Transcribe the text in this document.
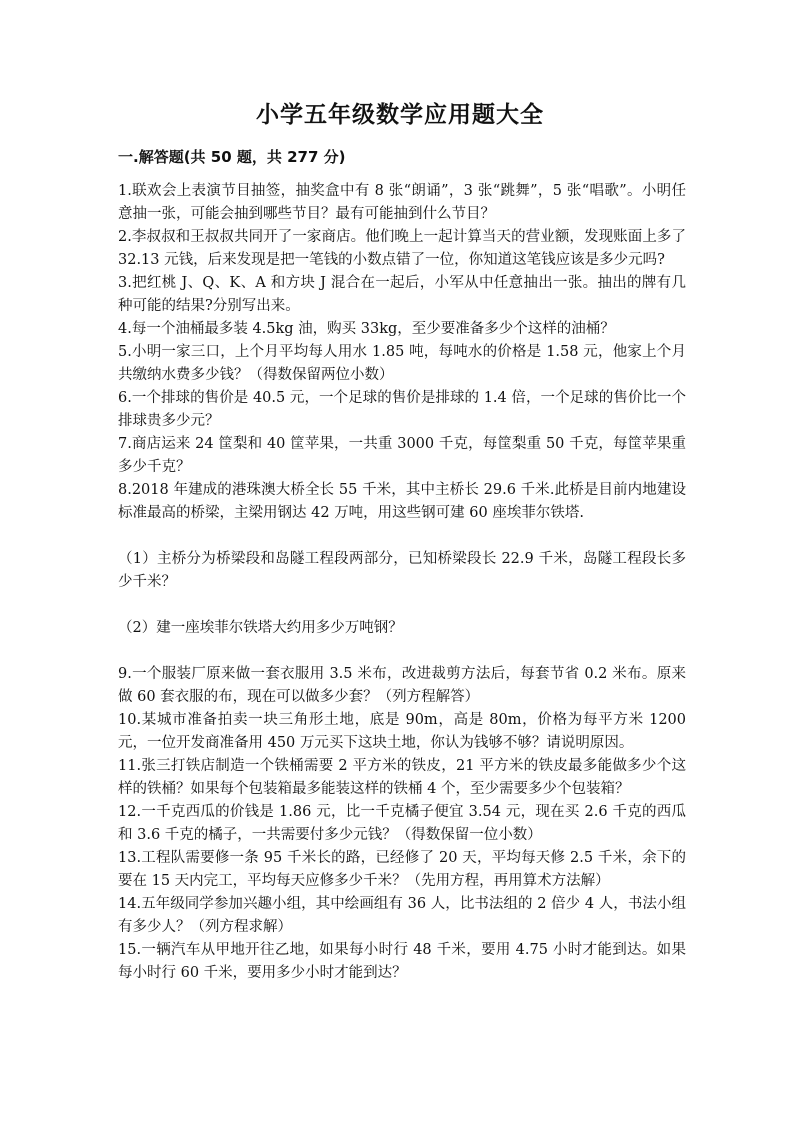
小学五年级数学应用题大全
一.解答题(共 50 题，共 277 分)

1.联欢会上表演节目抽签，抽奖盒中有 8 张“朗诵”，3 张“跳舞”，5 张“唱歌”。小明任意抽一张，可能会抽到哪些节目？最有可能抽到什么节目？

2.李叔叔和王叔叔共同开了一家商店。他们晚上一起计算当天的营业额，发现账面上多了 32.13 元钱，后来发现是把一笔钱的小数点错了一位，你知道这笔钱应该是多少元吗?

3.把红桃 J、Q、K、A 和方块 J 混合在一起后，小军从中任意抽出一张。抽出的牌有几种可能的结果?分别写出来。

4.每一个油桶最多装 4.5kg 油，购买 33kg，至少要准备多少个这样的油桶？

5.小明一家三口，上个月平均每人用水 1.85 吨，每吨水的价格是 1.58 元，他家上个月共缴纳水费多少钱？（得数保留两位小数）

6.一个排球的售价是 40.5 元，一个足球的售价是排球的 1.4 倍，一个足球的售价比一个排球贵多少元？

7.商店运来 24 筐梨和 40 筐苹果，一共重 3000 千克，每筐梨重 50 千克，每筐苹果重多少千克？

8.2018 年建成的港珠澳大桥全长 55 千米，其中主桥长 29.6 千米.此桥是目前内地建设标准最高的桥梁，主梁用钢达 42 万吨，用这些钢可建 60 座埃菲尔铁塔.

（1）主桥分为桥梁段和岛隧工程段两部分，已知桥梁段长 22.9 千米，岛隧工程段长多少千米？

（2）建一座埃菲尔铁塔大约用多少万吨钢？

9.一个服装厂原来做一套衣服用 3.5 米布，改进裁剪方法后，每套节省 0.2 米布。原来做 60 套衣服的布，现在可以做多少套？（列方程解答）

10.某城市准备拍卖一块三角形土地，底是 90m，高是 80m，价格为每平方米 1200 元，一位开发商准备用 450 万元买下这块土地，你认为钱够不够？请说明原因。

11.张三打铁店制造一个铁桶需要 2 平方米的铁皮，21 平方米的铁皮最多能做多少个这样的铁桶？如果每个包装箱最多能装这样的铁桶 4 个，至少需要多少个包装箱？

12.一千克西瓜的价钱是 1.86 元，比一千克橘子便宜 3.54 元，现在买 2.6 千克的西瓜和 3.6 千克的橘子，一共需要付多少元钱？（得数保留一位小数）

13.工程队需要修一条 95 千米长的路，已经修了 20 天，平均每天修 2.5 千米，余下的要在 15 天内完工，平均每天应修多少千米？（先用方程，再用算术方法解）

14.五年级同学参加兴趣小组，其中绘画组有 36 人，比书法组的 2 倍少 4 人，书法小组有多少人？（列方程求解）

15.一辆汽车从甲地开往乙地，如果每小时行 48 千米，要用 4.75 小时才能到达。如果每小时行 60 千米，要用多少小时才能到达？
